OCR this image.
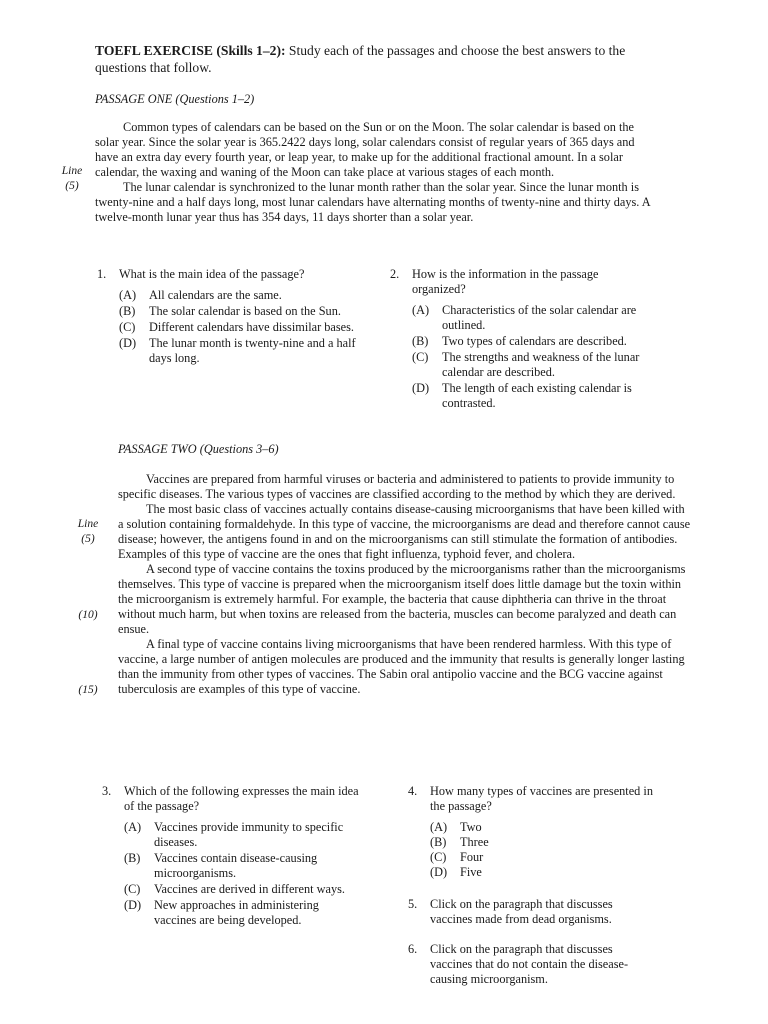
TOEFL EXERCISE (Skills 1–2): Study each of the passages and choose the best answers to the questions that follow.
PASSAGE ONE (Questions 1–2)

Common types of calendars can be based on the Sun or on the Moon. The solar calendar is based on the solar year. Since the solar year is 365.2422 days long, solar calendars consist of regular years of 365 days and have an extra day every fourth year, or leap year, to make up for the additional fractional amount. In a solar calendar, the waxing and waning of the Moon can take place at various stages of each month.

The lunar calendar is synchronized to the lunar month rather than the solar year. Since the lunar month is twenty-nine and a half days long, most lunar calendars have alternating months of twenty-nine and thirty days. A twelve-month lunar year thus has 354 days, 11 days shorter than a solar year.

Line
(5)
1. What is the main idea of the passage?
(A) All calendars are the same.
(B) The solar calendar is based on the Sun.
(C) Different calendars have dissimilar bases.
(D) The lunar month is twenty-nine and a half days long.
2. How is the information in the passage organized?
(A) Characteristics of the solar calendar are outlined.
(B) Two types of calendars are described.
(C) The strengths and weakness of the lunar calendar are described.
(D) The length of each existing calendar is contrasted.
PASSAGE TWO (Questions 3–6)

Vaccines are prepared from harmful viruses or bacteria and administered to patients to provide immunity to specific diseases. The various types of vaccines are classified according to the method by which they are derived.

The most basic class of vaccines actually contains disease-causing microorganisms that have been killed with a solution containing formaldehyde. In this type of vaccine, the microorganisms are dead and therefore cannot cause disease; however, the antigens found in and on the microorganisms can still stimulate the formation of antibodies. Examples of this type of vaccine are the ones that fight influenza, typhoid fever, and cholera.

A second type of vaccine contains the toxins produced by the microorganisms rather than the microorganisms themselves. This type of vaccine is prepared when the microorganism itself does little damage but the toxin within the microorganism is extremely harmful. For example, the bacteria that cause diphtheria can thrive in the throat without much harm, but when toxins are released from the bacteria, muscles can become paralyzed and death can ensue.

A final type of vaccine contains living microorganisms that have been rendered harmless. With this type of vaccine, a large number of antigen molecules are produced and the immunity that results is generally longer lasting than the immunity from other types of vaccines. The Sabin oral antipolio vaccine and the BCG vaccine against tuberculosis are examples of this type of vaccine.

Line
(5)
(10)
(15)
3. Which of the following expresses the main idea of the passage?
(A) Vaccines provide immunity to specific diseases.
(B) Vaccines contain disease-causing microorganisms.
(C) Vaccines are derived in different ways.
(D) New approaches in administering vaccines are being developed.
4. How many types of vaccines are presented in the passage?
(A) Two
(B) Three
(C) Four
(D) Five
5. Click on the paragraph that discusses vaccines made from dead organisms.
6. Click on the paragraph that discusses vaccines that do not contain the disease-causing microorganism.
